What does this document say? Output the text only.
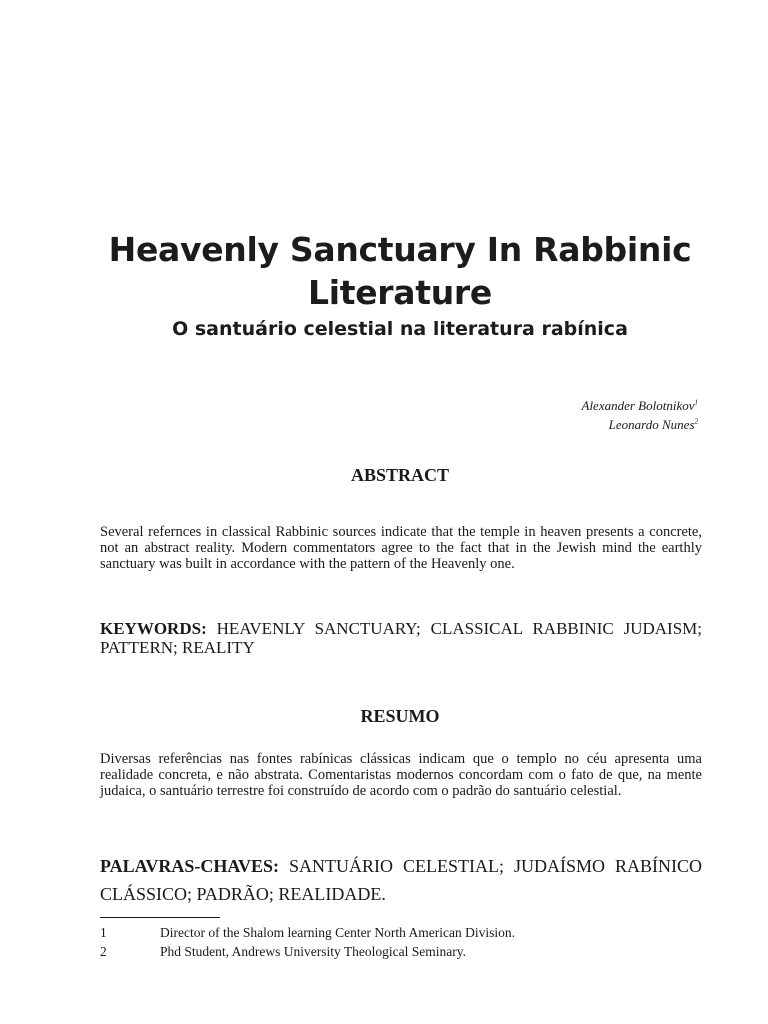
Heavenly Sanctuary In Rabbinic
Literature
O santuário celestial na literatura rabínica
Alexander Bolotnikov$^1$
Leonardo Nunes$^2$
ABSTRACT

Several refernces in classical Rabbinic sources indicate that the temple in heaven presents a concrete, not an abstract reality. Modern commentators agree to the fact that in the Jewish mind the earthly sanctuary was built in accordance with the pattern of the Heavenly one.

KEYWORDS: HEAVENLY SANCTUARY; CLASSICAL RABBINIC JUDAISM; PATTERN; REALITY

RESUMO

Diversas referências nas fontes rabínicas clássicas indicam que o templo no céu apresenta uma realidade concreta, e não abstrata. Comentaristas modernos concordam com o fato de que, na mente judaica, o santuário terrestre foi construído de acordo com o padrão do santuário celestial.

PALAVRAS-CHAVES: SANTUÁRIO CELESTIAL; JUDAÍSMO RABÍNICO CLÁSSICO; PADRÃO; REALIDADE.

1	Director of the Shalom learning Center North American Division.
2	Phd Student, Andrews University Theological Seminary.
